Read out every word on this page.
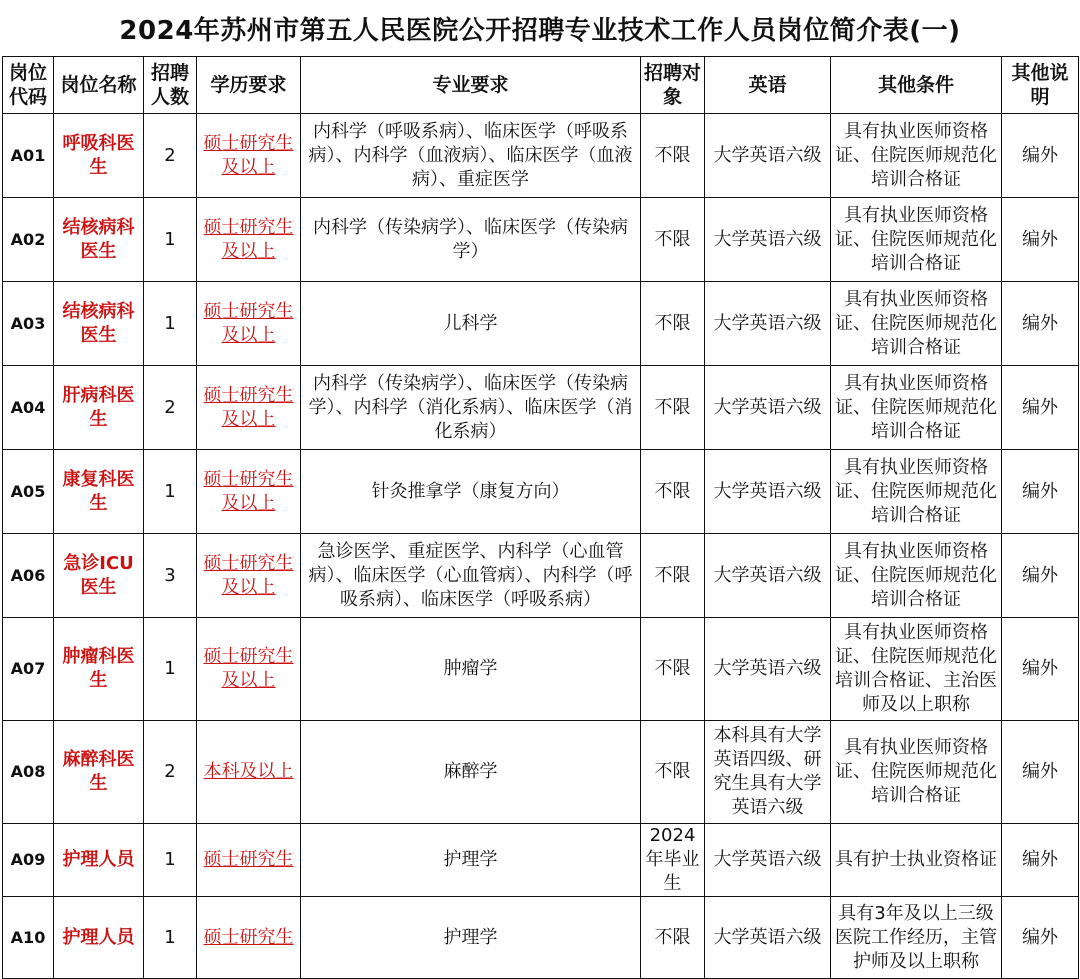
2024年苏州市第五人民医院公开招聘专业技术工作人员岗位简介表(一)
岗位代码	岗位名称	招聘人数	学历要求	专业要求	招聘对象	英语	其他条件	其他说明
A01	呼吸科医生	2	硕士研究生及以上	内科学（呼吸系病）、临床医学（呼吸系病）、内科学（血液病）、临床医学（血液病）、重症医学	不限	大学英语六级	具有执业医师资格证、住院医师规范化培训合格证	编外
A02	结核病科医生	1	硕士研究生及以上	内科学（传染病学）、临床医学（传染病学）	不限	大学英语六级	具有执业医师资格证、住院医师规范化培训合格证	编外
A03	结核病科医生	1	硕士研究生及以上	儿科学	不限	大学英语六级	具有执业医师资格证、住院医师规范化培训合格证	编外
A04	肝病科医生	2	硕士研究生及以上	内科学（传染病学）、临床医学（传染病学）、内科学（消化系病）、临床医学（消化系病）	不限	大学英语六级	具有执业医师资格证、住院医师规范化培训合格证	编外
A05	康复科医生	1	硕士研究生及以上	针灸推拿学（康复方向）	不限	大学英语六级	具有执业医师资格证、住院医师规范化培训合格证	编外
A06	急诊ICU医生	3	硕士研究生及以上	急诊医学、重症医学、内科学（心血管病）、临床医学（心血管病）、内科学（呼吸系病）、临床医学（呼吸系病）	不限	大学英语六级	具有执业医师资格证、住院医师规范化培训合格证	编外
A07	肿瘤科医生	1	硕士研究生及以上	肿瘤学	不限	大学英语六级	具有执业医师资格证、住院医师规范化培训合格证、主治医师及以上职称	编外
A08	麻醉科医生	2	本科及以上	麻醉学	不限	本科具有大学英语四级、研究生具有大学英语六级	具有执业医师资格证、住院医师规范化培训合格证	编外
A09	护理人员	1	硕士研究生	护理学	2024年毕业生	大学英语六级	具有护士执业资格证	编外
A10	护理人员	1	硕士研究生	护理学	不限	大学英语六级	具有3年及以上三级医院工作经历，主管护师及以上职称	编外
